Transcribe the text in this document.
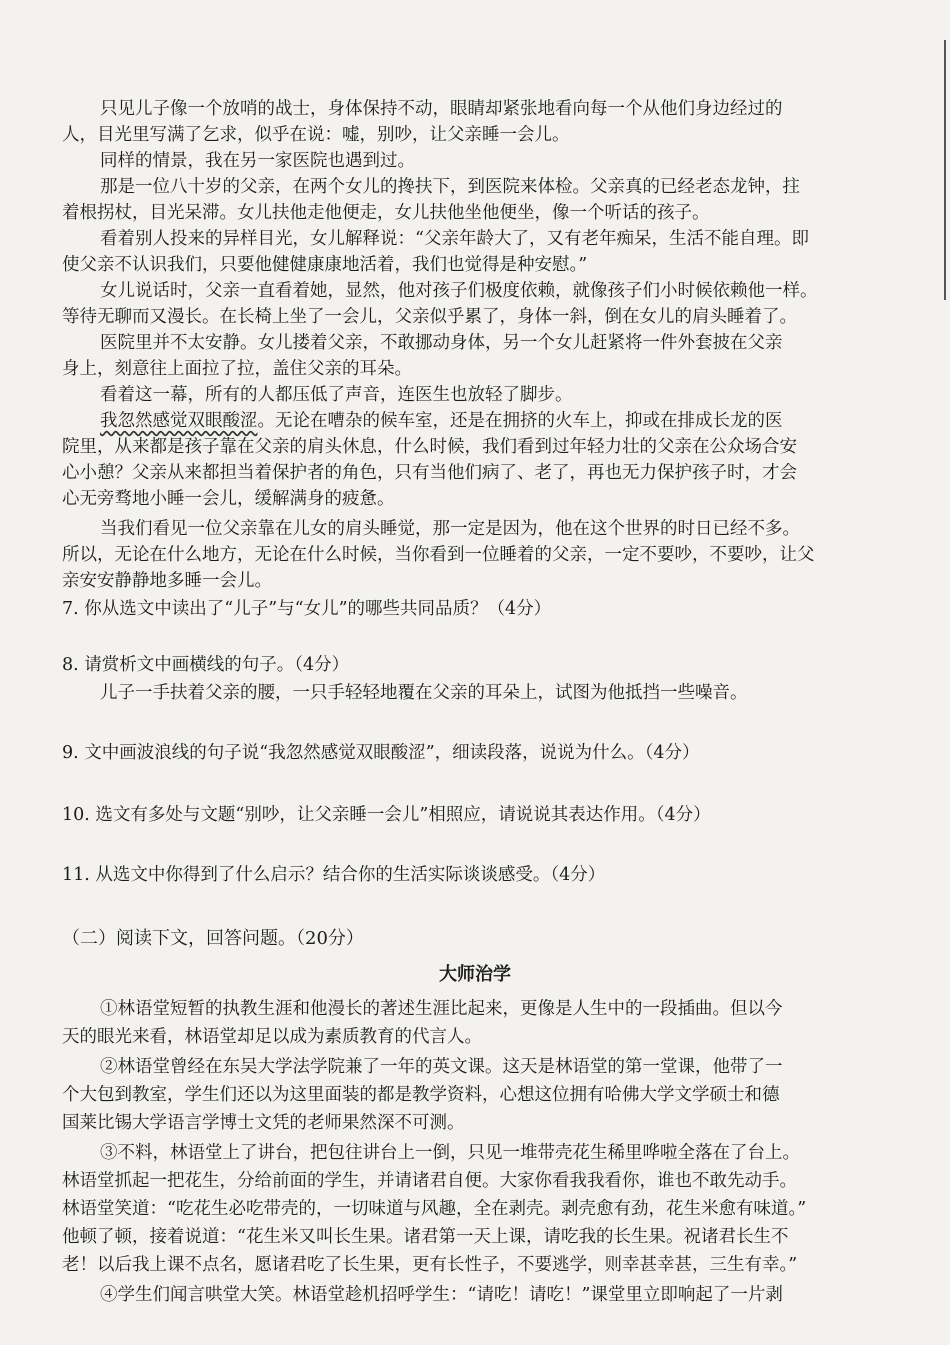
只见儿子像一个放哨的战士，身体保持不动，眼睛却紧张地看向每一个从他们身边经过的
人，目光里写满了乞求，似乎在说：嘘，别吵，让父亲睡一会儿。
同样的情景，我在另一家医院也遇到过。
那是一位八十岁的父亲，在两个女儿的搀扶下，到医院来体检。父亲真的已经老态龙钟，拄
着根拐杖，目光呆滞。女儿扶他走他便走，女儿扶他坐他便坐，像一个听话的孩子。
看着别人投来的异样目光，女儿解释说：“父亲年龄大了，又有老年痴呆，生活不能自理。即
使父亲不认识我们，只要他健健康康地活着，我们也觉得是种安慰。”
女儿说话时，父亲一直看着她，显然，他对孩子们极度依赖，就像孩子们小时候依赖他一样。
等待无聊而又漫长。在长椅上坐了一会儿，父亲似乎累了，身体一斜，倒在女儿的肩头睡着了。
医院里并不太安静。女儿搂着父亲，不敢挪动身体，另一个女儿赶紧将一件外套披在父亲
身上，刻意往上面拉了拉，盖住父亲的耳朵。
看着这一幕，所有的人都压低了声音，连医生也放轻了脚步。
我忽然感觉双眼酸涩。无论在嘈杂的候车室，还是在拥挤的火车上，抑或在排成长龙的医
院里，从来都是孩子靠在父亲的肩头休息，什么时候，我们看到过年轻力壮的父亲在公众场合安
心小憩？父亲从来都担当着保护者的角色，只有当他们病了、老了，再也无力保护孩子时，才会
心无旁骛地小睡一会儿，缓解满身的疲惫。
当我们看见一位父亲靠在儿女的肩头睡觉，那一定是因为，他在这个世界的时日已经不多。
所以，无论在什么地方，无论在什么时候，当你看到一位睡着的父亲，一定不要吵，不要吵，让父
亲安安静静地多睡一会儿。
7. 你从选文中读出了“儿子”与“女儿”的哪些共同品质？（4分）
8. 请赏析文中画横线的句子。（4分）
儿子一手扶着父亲的腰，一只手轻轻地覆在父亲的耳朵上，试图为他抵挡一些噪音。
9. 文中画波浪线的句子说“我忽然感觉双眼酸涩”，细读段落，说说为什么。（4分）
10. 选文有多处与文题“别吵，让父亲睡一会儿”相照应，请说说其表达作用。（4分）
11. 从选文中你得到了什么启示？结合你的生活实际谈谈感受。（4分）
（二）阅读下文，回答问题。（20分）
大师治学
①林语堂短暂的执教生涯和他漫长的著述生涯比起来，更像是人生中的一段插曲。但以今
天的眼光来看，林语堂却足以成为素质教育的代言人。
②林语堂曾经在东吴大学法学院兼了一年的英文课。这天是林语堂的第一堂课，他带了一
个大包到教室，学生们还以为这里面装的都是教学资料，心想这位拥有哈佛大学文学硕士和德
国莱比锡大学语言学博士文凭的老师果然深不可测。
③不料，林语堂上了讲台，把包往讲台上一倒，只见一堆带壳花生稀里哗啦全落在了台上。
林语堂抓起一把花生，分给前面的学生，并请诸君自便。大家你看我我看你，谁也不敢先动手。
林语堂笑道：“吃花生必吃带壳的，一切味道与风趣，全在剥壳。剥壳愈有劲，花生米愈有味道。”
他顿了顿，接着说道：“花生米又叫长生果。诸君第一天上课，请吃我的长生果。祝诸君长生不
老！以后我上课不点名，愿诸君吃了长生果，更有长性子，不要逃学，则幸甚幸甚，三生有幸。”
④学生们闻言哄堂大笑。林语堂趁机招呼学生：“请吃！请吃！”课堂里立即响起了一片剥
